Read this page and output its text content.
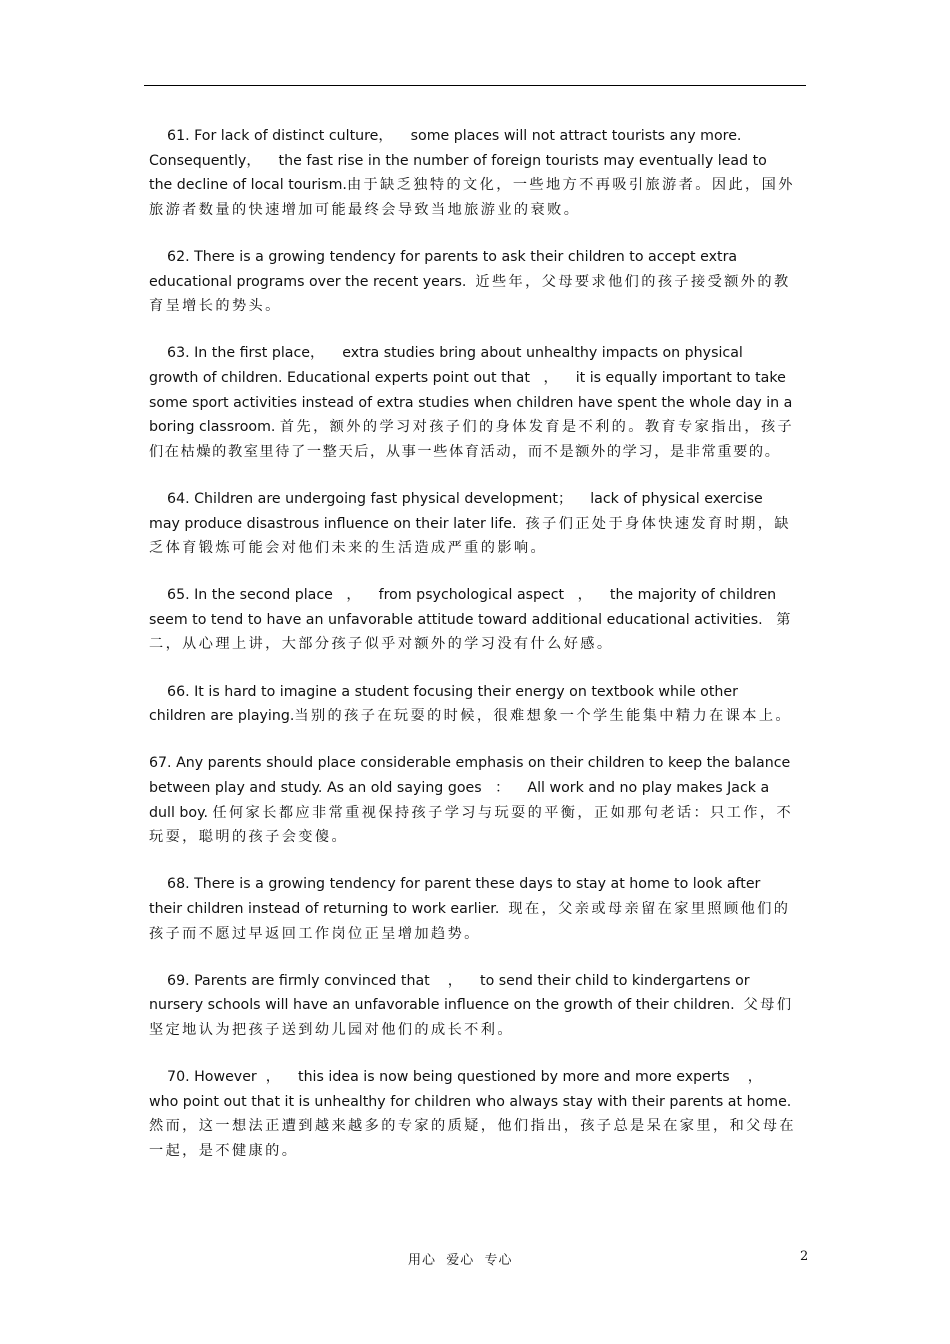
61. For lack of distinct culture，    some places will not attract tourists any more.
Consequently，    the fast rise in the number of foreign tourists may eventually lead to
the decline of local tourism.由于缺乏独特的文化，一些地方不再吸引旅游者。因此，国外
旅游者数量的快速增加可能最终会导致当地旅游业的衰败。

62. There is a growing tendency for parents to ask their children to accept extra
educational programs over the recent years.  近些年，父母要求他们的孩子接受额外的教
育呈增长的势头。

63. In the first place，    extra studies bring about unhealthy impacts on physical
growth of children. Educational experts point out that   ，    it is equally important to take
some sport activities instead of extra studies when children have spent the whole day in a
boring classroom. 首先，额外的学习对孩子们的身体发育是不利的。教育专家指出，孩子
们在枯燥的教室里待了一整天后，从事一些体育活动，而不是额外的学习，是非常重要的。

64. Children are undergoing fast physical development；    lack of physical exercise
may produce disastrous influence on their later life.  孩子们正处于身体快速发育时期，缺
乏体育锻炼可能会对他们未来的生活造成严重的影响。

65. In the second place   ，    from psychological aspect   ，    the majority of children
seem to tend to have an unfavorable attitude toward additional educational activities.   第
二，从心理上讲，大部分孩子似乎对额外的学习没有什么好感。

66. It is hard to imagine a student focusing their energy on textbook while other
children are playing.当别的孩子在玩耍的时候，很难想象一个学生能集中精力在课本上。

67. Any parents should place considerable emphasis on their children to keep the balance
between play and study. As an old saying goes   ：    All work and no play makes Jack a
dull boy. 任何家长都应非常重视保持孩子学习与玩耍的平衡，正如那句老话：只工作，不
玩耍，聪明的孩子会变傻。

68. There is a growing tendency for parent these days to stay at home to look after
their children instead of returning to work earlier.  现在，父亲或母亲留在家里照顾他们的
孩子而不愿过早返回工作岗位正呈增加趋势。

69. Parents are firmly convinced that    ，    to send their child to kindergartens or
nursery schools will have an unfavorable influence on the growth of their children.  父母们
坚定地认为把孩子送到幼儿园对他们的成长不利。

70. However  ，    this idea is now being questioned by more and more experts    ，
who point out that it is unhealthy for children who always stay with their parents at home.
然而，这一想法正遭到越来越多的专家的质疑，他们指出，孩子总是呆在家里，和父母在
一起，是不健康的。

用心  爱心  专心	2
